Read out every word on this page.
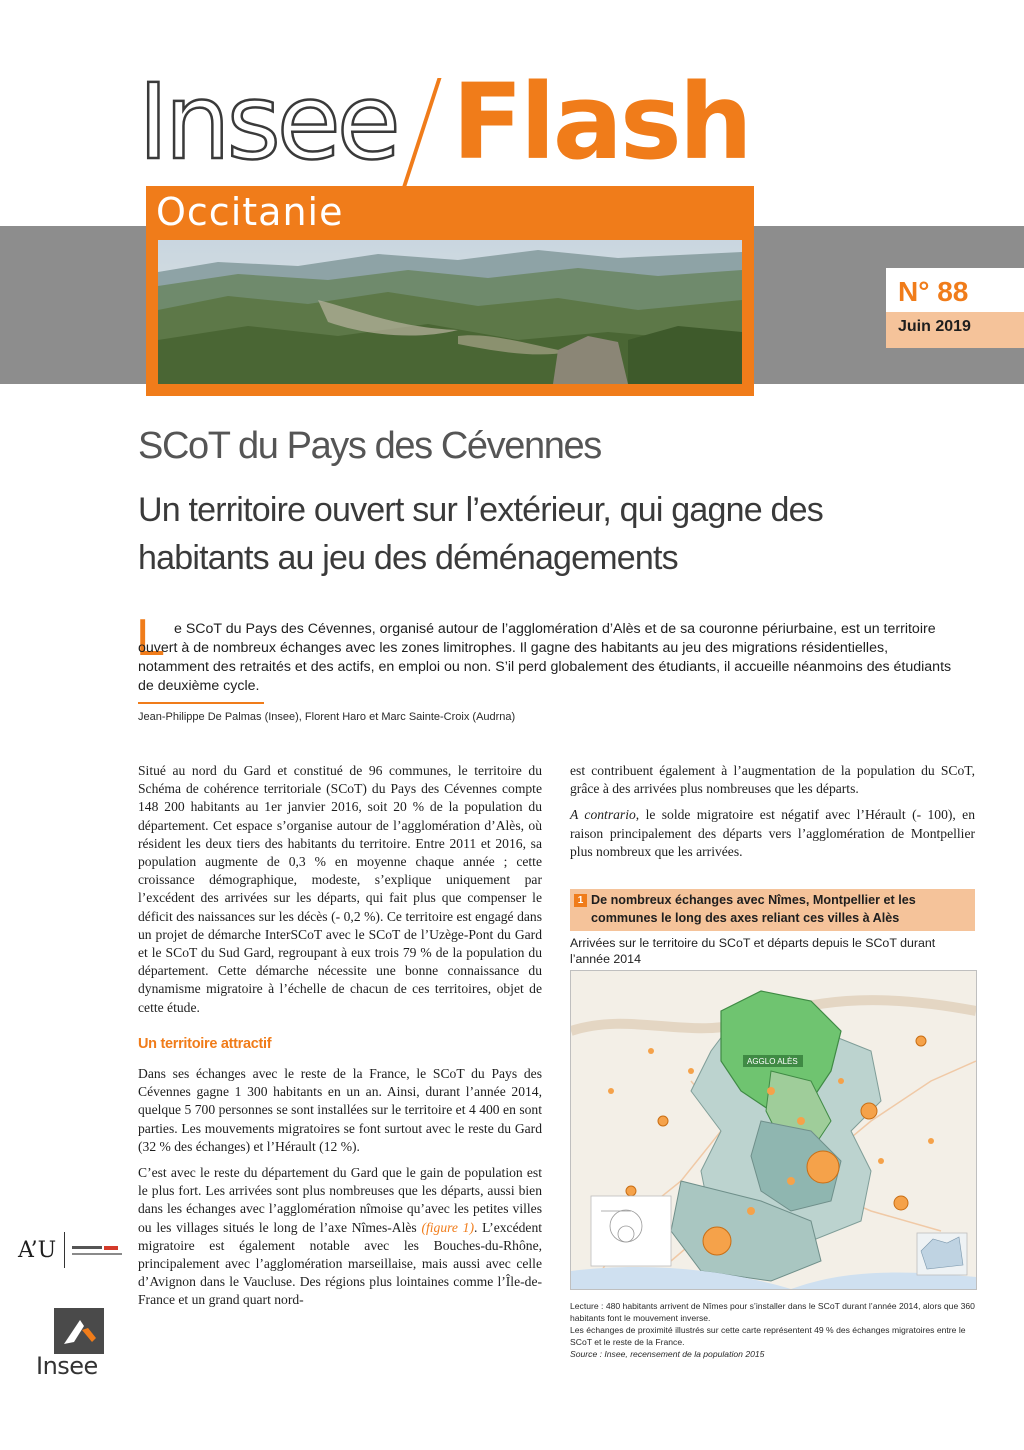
Insee Flash
Occitanie
N° 88
Juin 2019
SCoT du Pays des Cévennes
Un territoire ouvert sur l’extérieur, qui gagne des habitants au jeu des déménagements
L e SCoT du Pays des Cévennes, organisé autour de l’agglomération d’Alès et de sa couronne périurbaine, est un territoire ouvert à de nombreux échanges avec les zones limitrophes. Il gagne des habitants au jeu des migrations résidentielles, notamment des retraités et des actifs, en emploi ou non. S’il perd globalement des étudiants, il accueille néanmoins des étudiants de deuxième cycle.
Jean-Philippe De Palmas (Insee), Florent Haro et Marc Sainte-Croix (Audrna)

Situé au nord du Gard et constitué de 96 communes, le territoire du Schéma de cohérence territoriale (SCoT) du Pays des Cévennes compte 148 200 habitants au 1er janvier 2016, soit 20 % de la population du département. Cet espace s’organise autour de l’agglomération d’Alès, où résident les deux tiers des habitants du territoire. Entre 2011 et 2016, sa population augmente de 0,3 % en moyenne chaque année ; cette croissance démographique, modeste, s’explique uniquement par l’excédent des arrivées sur les départs, qui fait plus que compenser le déficit des naissances sur les décès (- 0,2 %). Ce territoire est engagé dans un projet de démarche InterSCoT avec le SCoT de l’Uzège-Pont du Gard et le SCoT du Sud Gard, regroupant à eux trois 79 % de la population du département. Cette démarche nécessite une bonne connaissance du dynamisme migratoire à l’échelle de chacun de ces territoires, objet de cette étude.

Un territoire attractif

Dans ses échanges avec le reste de la France, le SCoT du Pays des Cévennes gagne 1 300 habitants en un an. Ainsi, durant l’année 2014, quelque 5 700 personnes se sont installées sur le territoire et 4 400 en sont parties. Les mouvements migratoires se font surtout avec le reste du Gard (32 % des échanges) et l’Hérault (12 %).

C’est avec le reste du département du Gard que le gain de population est le plus fort. Les arrivées sont plus nombreuses que les départs, aussi bien dans les échanges avec l’agglomération nîmoise qu’avec les petites villes ou les villages situés le long de l’axe Nîmes-Alès (figure 1). L’excédent migratoire est également notable avec les Bouches-du-Rhône, principalement avec l’agglomération marseillaise, mais aussi avec celle d’Avignon dans le Vaucluse. Des régions plus lointaines comme l’Île-de-France et un grand quart nord-

est contribuent également à l’augmentation de la population du SCoT, grâce à des arrivées plus nombreuses que les départs.

A contrario, le solde migratoire est négatif avec l’Hérault (- 100), en raison principalement des départs vers l’agglomération de Montpellier plus nombreux que les arrivées.

1 De nombreux échanges avec Nîmes, Montpellier et les communes le long des axes reliant ces villes à Alès
Arrivées sur le territoire du SCoT et départs depuis le SCoT durant l’année 2014
AGGLO ALÈS
Lecture : 480 habitants arrivent de Nîmes pour s’installer dans le SCoT durant l’année 2014, alors que 360 habitants font le mouvement inverse.
Les échanges de proximité illustrés sur cette carte représentent 49 % des échanges migratoires entre le SCoT et le reste de la France.
Source : Insee, recensement de la population 2015
A’U
Insee
